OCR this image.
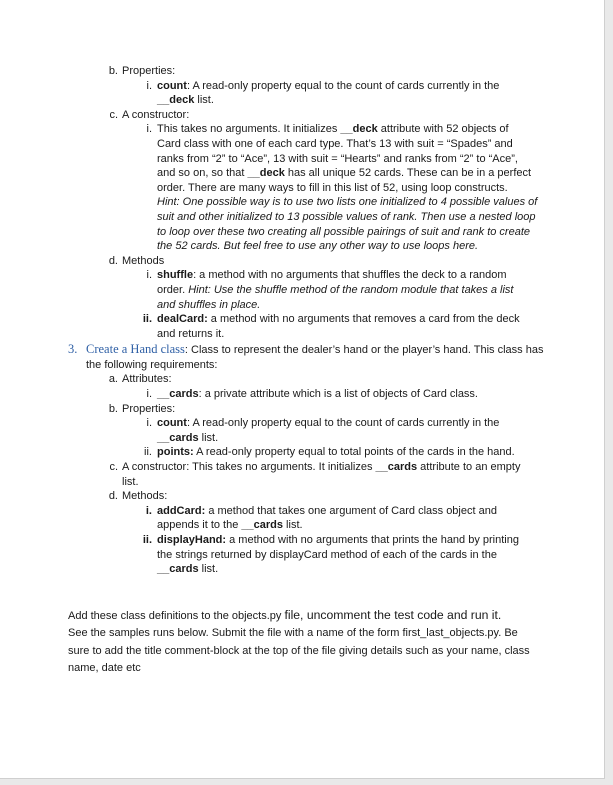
b. Properties:
i. count: A read-only property equal to the count of cards currently in the
__deck list.
c. A constructor:
i. This takes no arguments. It initializes __deck attribute with 52 objects of
Card class with one of each card type. That’s 13 with suit = “Spades” and
ranks from “2” to “Ace”, 13 with suit = “Hearts” and ranks from “2” to “Ace”,
and so on, so that __deck has all unique 52 cards. These can be in a perfect
order. There are many ways to fill in this list of 52, using loop constructs.
Hint: One possible way is to use two lists one initialized to 4 possible values of
suit and other initialized to 13 possible values of rank. Then use a nested loop
to loop over these two creating all possible pairings of suit and rank to create
the 52 cards. But feel free to use any other way to use loops here.
d. Methods
i. shuffle: a method with no arguments that shuffles the deck to a random
order. Hint: Use the shuffle method of the random module that takes a list
and shuffles in place.
ii. dealCard: a method with no arguments that removes a card from the deck
and returns it.
3. Create a Hand class: Class to represent the dealer’s hand or the player’s hand. This class has
the following requirements:
a. Attributes:
i. __cards: a private attribute which is a list of objects of Card class.
b. Properties:
i. count: A read-only property equal to the count of cards currently in the
__cards list.
ii. points: A read-only property equal to total points of the cards in the hand.
c. A constructor: This takes no arguments. It initializes __cards attribute to an empty
list.
d. Methods:
i. addCard: a method that takes one argument of Card class object and
appends it to the __cards list.
ii. displayHand: a method with no arguments that prints the hand by printing
the strings returned by displayCard method of each of the cards in the
__cards list.
Add these class definitions to the objects.py file, uncomment the test code and run it.
See the samples runs below. Submit the file with a name of the form first_last_objects.py. Be
sure to add the title comment-block at the top of the file giving details such as your name, class
name, date etc
